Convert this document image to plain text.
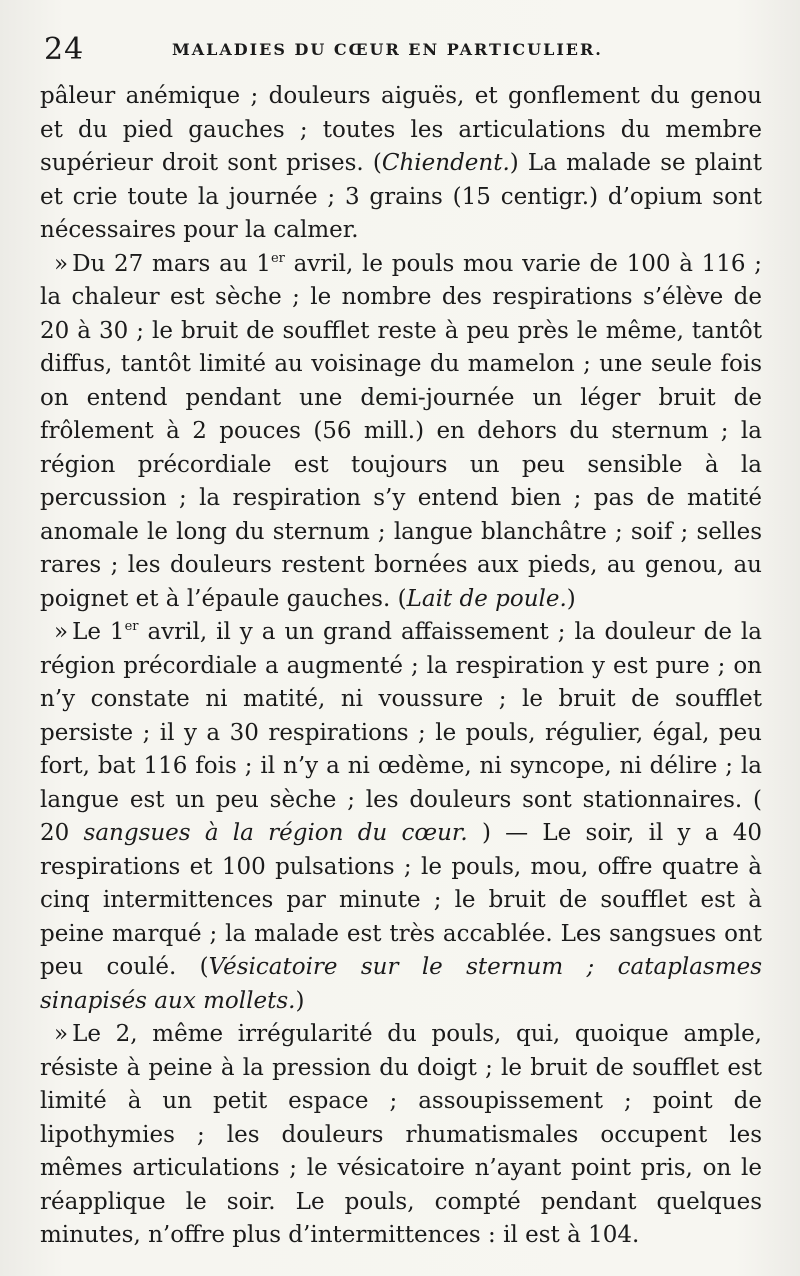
24	MALADIES DU CŒUR EN PARTICULIER.

pâleur anémique ; douleurs aiguës, et gonflement du genou et du pied gauches ; toutes les articulations du membre supérieur droit sont prises. (Chiendent.) La malade se plaint et crie toute la journée ; 3 grains (15 centigr.) d’opium sont nécessaires pour la calmer.

» Du 27 mars au 1er avril, le pouls mou varie de 100 à 116 ; la chaleur est sèche ; le nombre des respirations s’élève de 20 à 30 ; le bruit de soufflet reste à peu près le même, tantôt diffus, tantôt limité au voisinage du mamelon ; une seule fois on entend pendant une demi-journée un léger bruit de frôlement à 2 pouces (56 mill.) en dehors du sternum ; la région précordiale est toujours un peu sensible à la percussion ; la respiration s’y entend bien ; pas de matité anomale le long du sternum ; langue blanchâtre ; soif ; selles rares ; les douleurs restent bornées aux pieds, au genou, au poignet et à l’épaule gauches. (Lait de poule.)

» Le 1er avril, il y a un grand affaissement ; la douleur de la région précordiale a augmenté ; la respiration y est pure ; on n’y constate ni matité, ni voussure ; le bruit de soufflet persiste ; il y a 30 respirations ; le pouls, régulier, égal, peu fort, bat 116 fois ; il n’y a ni œdème, ni syncope, ni délire ; la langue est un peu sèche ; les douleurs sont stationnaires. ( 20 sangsues à la région du cœur. ) — Le soir, il y a 40 respirations et 100 pulsations ; le pouls, mou, offre quatre à cinq intermittences par minute ; le bruit de soufflet est à peine marqué ; la malade est très accablée. Les sangsues ont peu coulé. (Vésicatoire sur le sternum ; cataplasmes sinapisés aux mollets.)

» Le 2, même irrégularité du pouls, qui, quoique ample, résiste à peine à la pression du doigt ; le bruit de soufflet est limité à un petit espace ; assoupissement ; point de lipothymies ; les douleurs rhumatismales occupent les mêmes articulations ; le vésicatoire n’ayant point pris, on le réapplique le soir. Le pouls, compté pendant quelques minutes, n’offre plus d’intermittences : il est à 104.
